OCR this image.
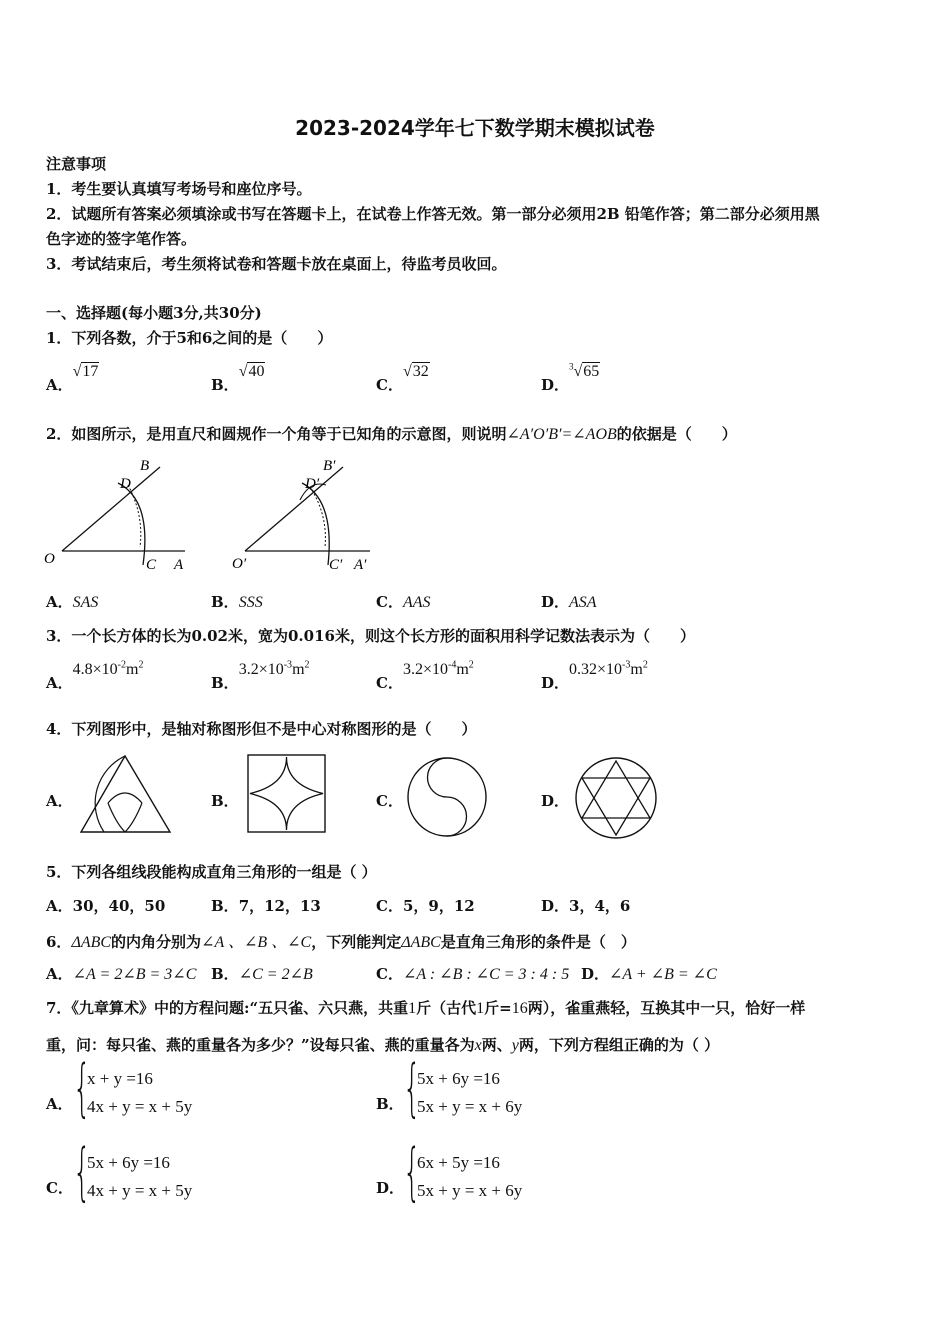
2023-2024学年七下数学期末模拟试卷
注意事项
1．考生要认真填写考场号和座位序号。
2．试题所有答案必须填涂或书写在答题卡上，在试卷上作答无效。第一部分必须用2B 铅笔作答；第二部分必须用黑
色字迹的签字笔作答。
3．考试结束后，考生须将试卷和答题卡放在桌面上，待监考员收回。
一、选择题(每小题3分,共30分)
1．下列各数，介于5和6之间的是（　　）
A．√17
B．√40
C．√32
D．$^3$√65
2．如图所示，是用直尺和圆规作一个角等于已知角的示意图，则说明∠A′O′B′=∠AOB的依据是（　　）
O	C A
D
B
O′	C′ A′
D′
B′
A．SAS	B．SSS	C．AAS	D．ASA
3．一个长方体的长为0.02米，宽为0.016米，则这个长方形的面积用科学记数法表示为（　　）
A．$4.8\times 10^{-2}m^2$
B．$3.2\times 10^{-3}m^2$
C．$3.2\times 10^{-4}m^2$
D．$0.32\times 10^{-3}m^2$
4．下列图形中，是轴对称图形但不是中心对称图形的是（　　）
A．	B．	C．	D．
5．下列各组线段能构成直角三角形的一组是（ ）
A．30，40，50	B．7，12，13	C．5，9，12	D．3，4，6
6．ΔABC的内角分别为∠A 、∠B 、∠C，下列能判定ΔABC是直角三角形的条件是（　）
A．∠A = 2∠B = 3∠C B．∠C = 2∠B	C．∠A : ∠B : ∠C = 3 : 4 : 5 D．∠A + ∠B = ∠C
7．《九章算术》中的方程问题:“五只雀、六只燕，共重1斤（古代1斤=16两），雀重燕轻，互换其中一只，恰好一样
重，问：每只雀、燕的重量各为多少？”设每只雀、燕的重量各为x两、y两，下列方程组正确的为（ ）
A． {
x + y =16
4x + y = x + 5y	B． {
5x + 6y =16
5x + y = x + 6y
C． {
5x + 6y =16
4x + y = x + 5y	D．
{
6x + 5y =16
5x + y = x + 6y
